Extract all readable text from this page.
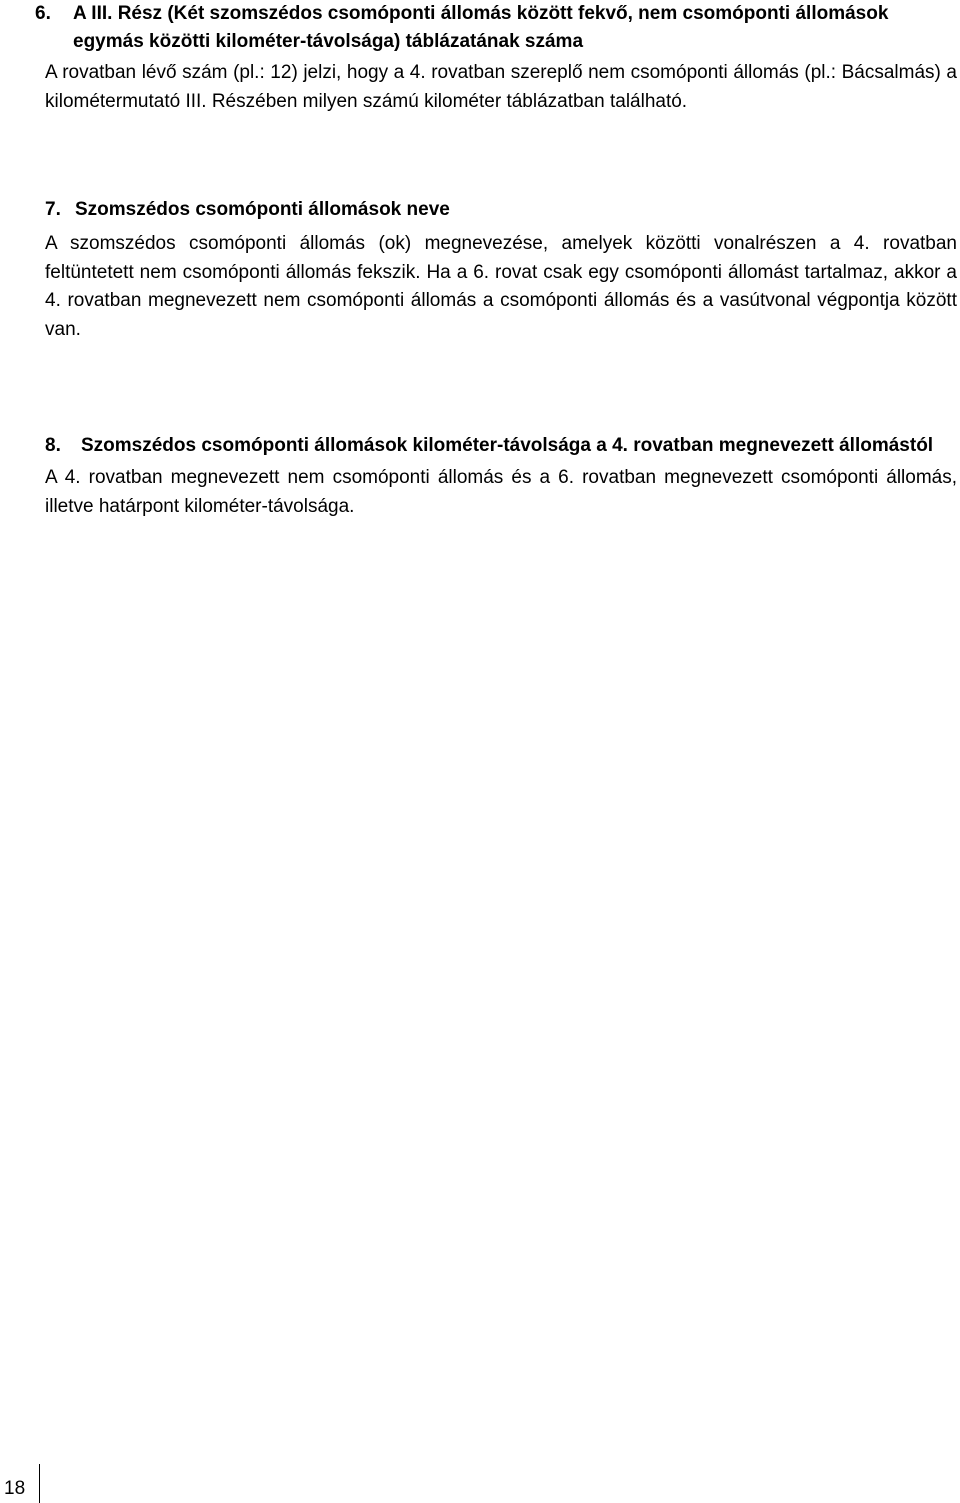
6.	A III. Rész (Két szomszédos csomóponti állomás között fekvő, nem csomóponti állomások egymás közötti kilométer-távolsága) táblázatának száma

A rovatban lévő szám (pl.: 12) jelzi, hogy a 4. rovatban szereplő nem csomóponti állomás (pl.: Bácsalmás) a kilométermutató III. Részében milyen számú kilométer táblázatban található.

7. Szomszédos csomóponti állomások neve

A szomszédos csomóponti állomás (ok) megnevezése, amelyek közötti vonalrészen a 4. rovatban feltüntetett nem csomóponti állomás fekszik. Ha a 6. rovat csak egy csomóponti állomást tartalmaz, akkor a 4. rovatban megnevezett nem csomóponti állomás a csomóponti állomás és a vasútvonal végpontja között van.

8.	Szomszédos csomóponti állomások kilométer-távolsága a 4. rovatban megnevezett állomástól

A 4. rovatban megnevezett nem csomóponti állomás és a 6. rovatban megnevezett csomóponti állomás, illetve határpont kilométer-távolsága.

18
